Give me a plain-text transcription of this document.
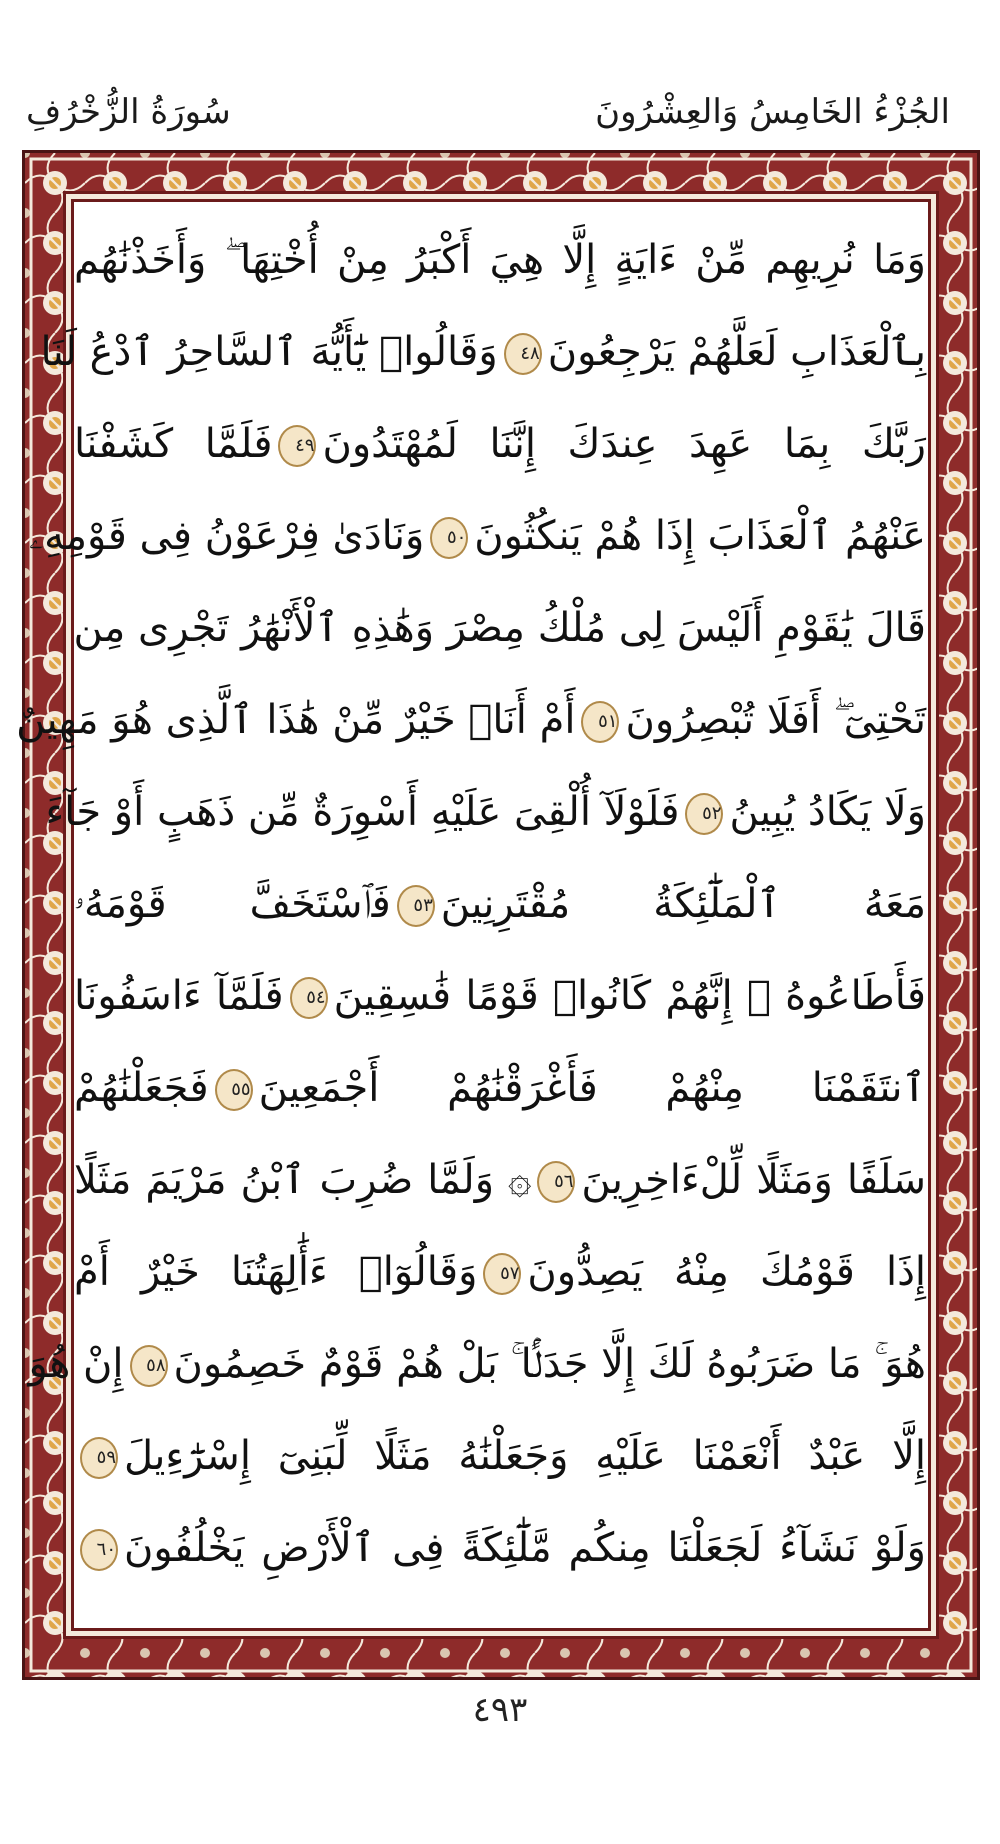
سُورَةُ الزُّخْرُفِ	الجُزْءُ الخَامِسُ وَالعِشْرُونَ
وَمَا نُرِيهِم مِّنْ ءَايَةٍ إِلَّا هِيَ أَكْبَرُ مِنْ أُخْتِهَا ۖ وَأَخَذْنَٰهُم
بِٱلْعَذَابِ لَعَلَّهُمْ يَرْجِعُونَ٤٨وَقَالُوا۟ يَٰٓأَيُّهَ ٱلسَّاحِرُ ٱدْعُ لَنَا
رَبَّكَ بِمَا عَهِدَ عِندَكَ إِنَّنَا لَمُهْتَدُونَ٤٩فَلَمَّا كَشَفْنَا
عَنْهُمُ ٱلْعَذَابَ إِذَا هُمْ يَنكُثُونَ٥٠وَنَادَىٰ فِرْعَوْنُ فِى قَوْمِهِۦ
قَالَ يَٰقَوْمِ أَلَيْسَ لِى مُلْكُ مِصْرَ وَهَٰذِهِ ٱلْأَنْهَٰرُ تَجْرِى مِن
تَحْتِىٓ ۖ أَفَلَا تُبْصِرُونَ٥١أَمْ أَنَا۠ خَيْرٌ مِّنْ هَٰذَا ٱلَّذِى هُوَ مَهِينٌ
وَلَا يَكَادُ يُبِينُ٥٢فَلَوْلَآ أُلْقِىَ عَلَيْهِ أَسْوِرَةٌ مِّن ذَهَبٍ أَوْ جَآءَ
مَعَهُ ٱلْمَلَٰٓئِكَةُ مُقْتَرِنِينَ٥٣فَٱسْتَخَفَّ قَوْمَهُۥ
فَأَطَاعُوهُ ۚ إِنَّهُمْ كَانُوا۟ قَوْمًا فَٰسِقِينَ٥٤فَلَمَّآ ءَاسَفُونَا
ٱنتَقَمْنَا مِنْهُمْ فَأَغْرَقْنَٰهُمْ أَجْمَعِينَ٥٥فَجَعَلْنَٰهُمْ
سَلَفًا وَمَثَلًا لِّلْءَاخِرِينَ٥٦۞ وَلَمَّا ضُرِبَ ٱبْنُ مَرْيَمَ مَثَلًا
إِذَا قَوْمُكَ مِنْهُ يَصِدُّونَ٥٧وَقَالُوٓا۟ ءَأَٰلِهَتُنَا خَيْرٌ أَمْ
هُوَ ۚ مَا ضَرَبُوهُ لَكَ إِلَّا جَدَلًۢا ۚ بَلْ هُمْ قَوْمٌ خَصِمُونَ٥٨إِنْ هُوَ
إِلَّا عَبْدٌ أَنْعَمْنَا عَلَيْهِ وَجَعَلْنَٰهُ مَثَلًا لِّبَنِىٓ إِسْرَٰٓءِيلَ٥٩
وَلَوْ نَشَآءُ لَجَعَلْنَا مِنكُم مَّلَٰٓئِكَةً فِى ٱلْأَرْضِ يَخْلُفُونَ٦٠
٤٩٣
